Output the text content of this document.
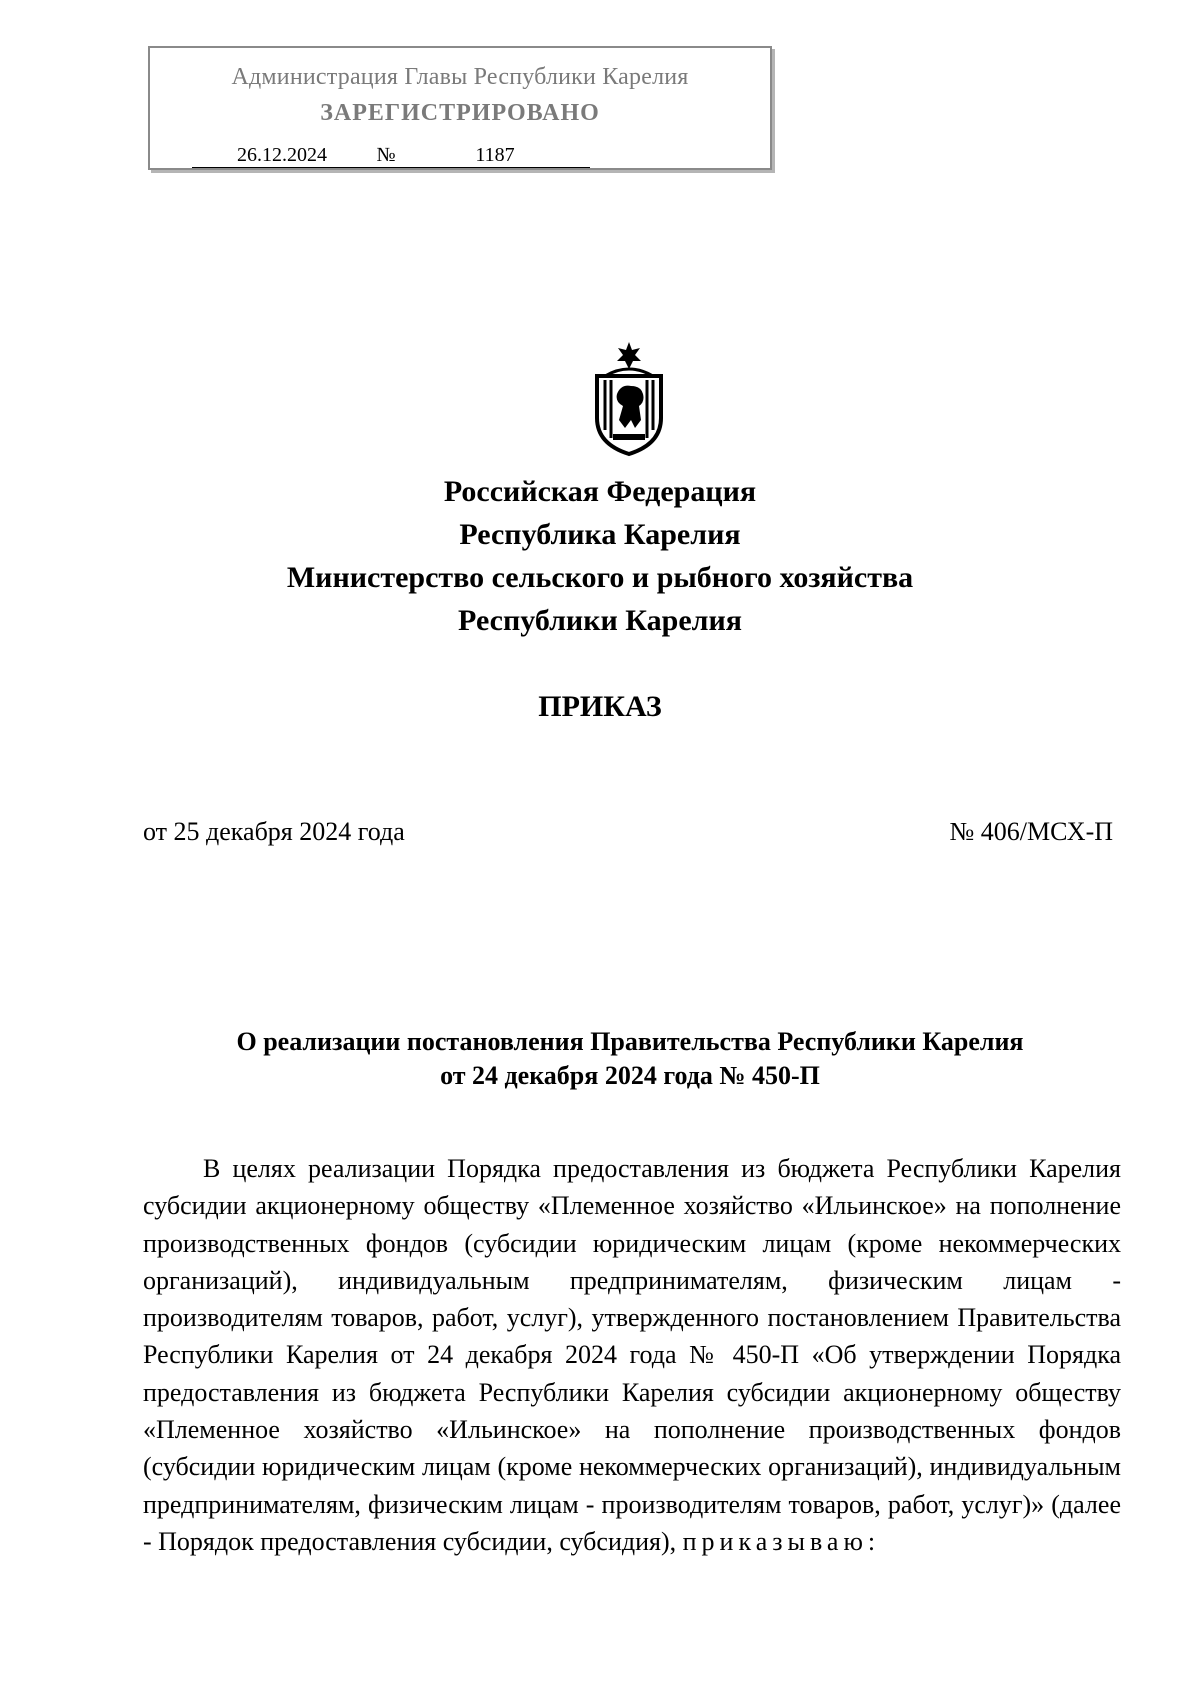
Администрация Главы Республики Карелия
ЗАРЕГИСТРИРОВАНО
26.12.2024	№	1187
Российская Федерация
Республика Карелия
Министерство сельского и рыбного хозяйства
Республики Карелия
ПРИКАЗ
от 25 декабря 2024 года	№ 406/МСХ-П
О реализации постановления Правительства Республики Карелия
от 24 декабря 2024 года № 450-П

В целях реализации Порядка предоставления из бюджета Республики Карелия субсидии акционерному обществу «Племенное хозяйство «Ильинское» на пополнение производственных фондов (субсидии юридическим лицам (кроме некоммерческих организаций), индивидуальным предпринимателям, физическим лицам - производителям товаров, работ, услуг), утвержденного постановлением Правительства Республики Карелия от 24 декабря 2024 года № 450-П «Об утверждении Порядка предоставления из бюджета Республики Карелия субсидии акционерному обществу «Племенное хозяйство «Ильинское» на пополнение производственных фондов (субсидии юридическим лицам (кроме некоммерческих организаций), индивидуальным предпринимателям, физическим лицам - производителям товаров, работ, услуг)» (далее - Порядок предоставления субсидии, субсидия), приказываю:
